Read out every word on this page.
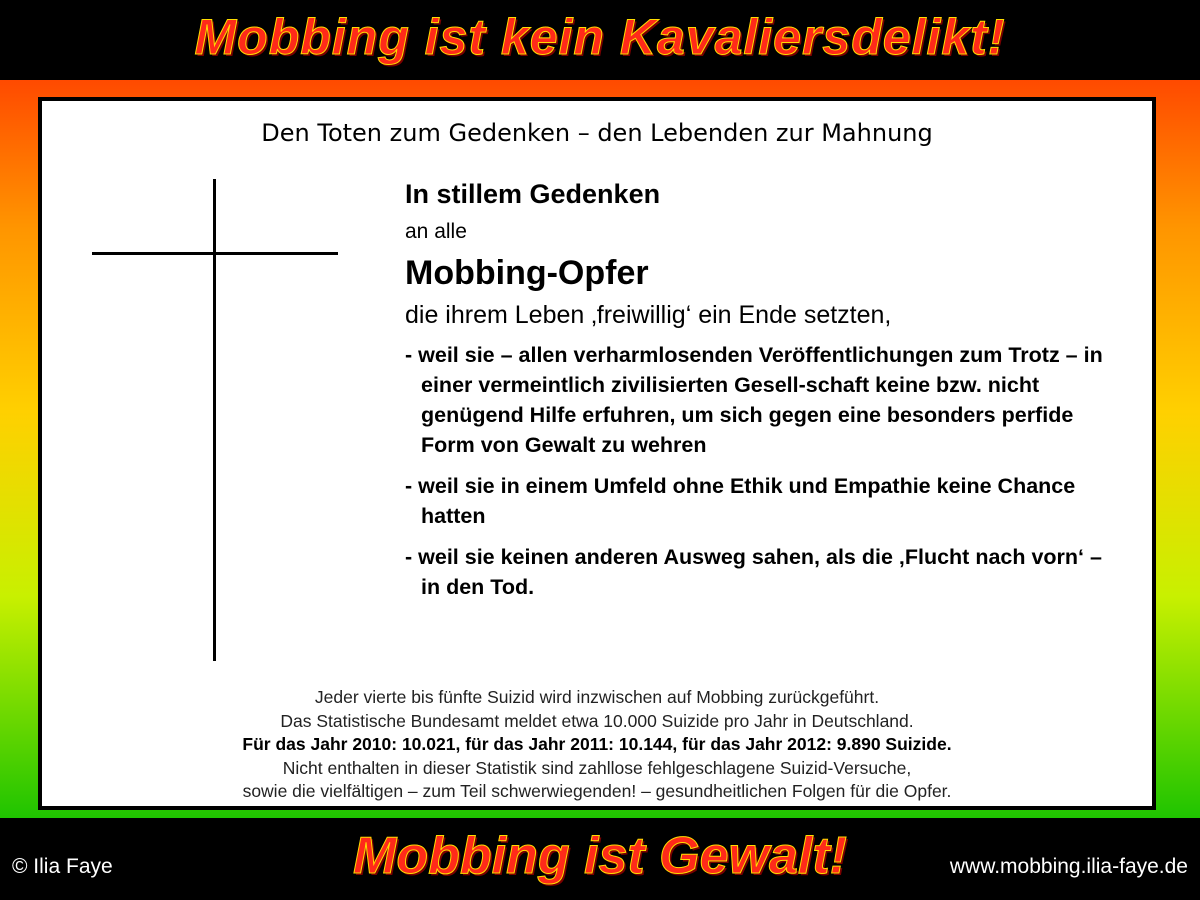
Mobbing ist kein Kavaliersdelikt!
Den Toten zum Gedenken – den Lebenden zur Mahnung
In stillem Gedenken
an alle
Mobbing-Opfer
die ihrem Leben ‚freiwillig‘ ein Ende setzten,
- weil sie – allen verharmlosenden Veröffentlichungen zum Trotz – in einer vermeintlich zivilisierten Gesell-schaft keine bzw. nicht genügend Hilfe erfuhren, um sich gegen eine besonders perfide Form von Gewalt zu wehren
- weil sie in einem Umfeld ohne Ethik und Empathie keine Chance hatten
- weil sie keinen anderen Ausweg sahen, als die ‚Flucht nach vorn‘ – in den Tod.
Jeder vierte bis fünfte Suizid wird inzwischen auf Mobbing zurückgeführt.
Das Statistische Bundesamt meldet etwa 10.000 Suizide pro Jahr in Deutschland.
Für das Jahr 2010: 10.021, für das Jahr 2011: 10.144, für das Jahr 2012: 9.890 Suizide.
Nicht enthalten in dieser Statistik sind zahllose fehlgeschlagene Suizid-Versuche,
sowie die vielfältigen – zum Teil schwerwiegenden! – gesundheitlichen Folgen für die Opfer.
Mobbing ist Gewalt!
© Ilia Faye	www.mobbing.ilia-faye.de
